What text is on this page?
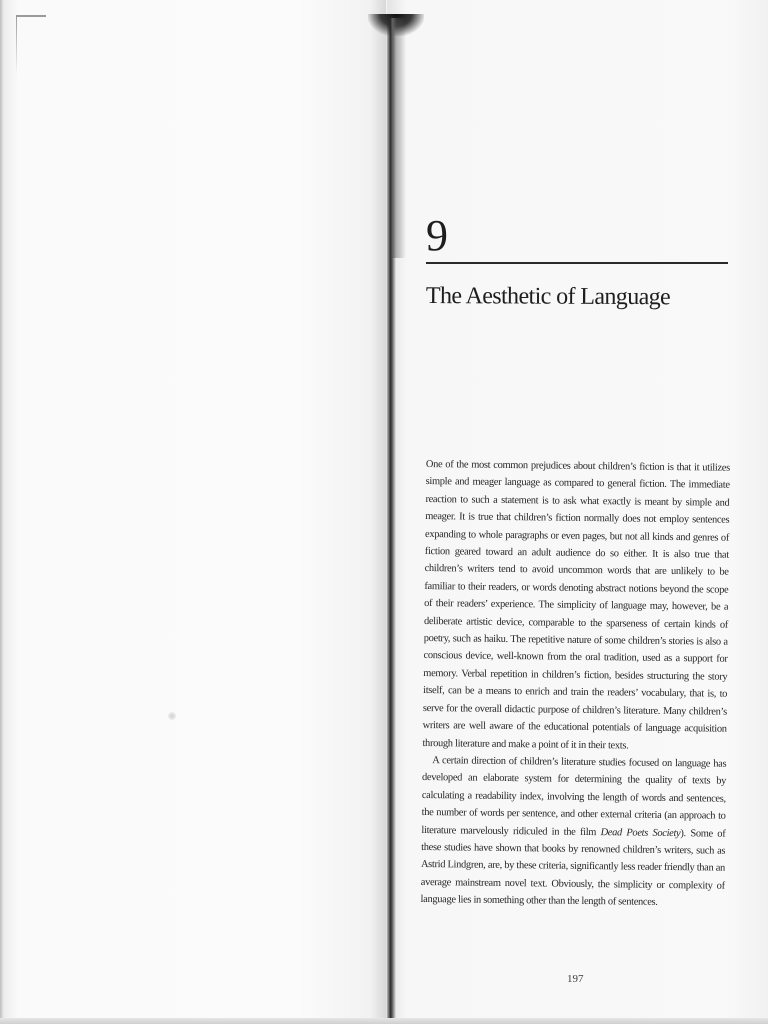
9
The Aesthetic of Language

One of the most common prejudices about children’s fiction is that it utilizes simple and meager language as compared to general fiction. The immediate reaction to such a statement is to ask what exactly is meant by simple and meager. It is true that children’s fiction normally does not employ sentences expanding to whole paragraphs or even pages, but not all kinds and genres of fiction geared toward an adult audience do so either. It is also true that children’s writers tend to avoid uncommon words that are unlikely to be familiar to their readers, or words denoting abstract notions beyond the scope of their readers’ experience. The simplicity of language may, however, be a deliberate artistic device, comparable to the sparseness of certain kinds of poetry, such as haiku. The repetitive nature of some children’s stories is also a conscious device, well-known from the oral tradition, used as a support for memory. Verbal repetition in children’s fiction, besides structuring the story itself, can be a means to enrich and train the readers’ vocabulary, that is, to serve for the overall didactic purpose of children’s literature. Many children’s writers are well aware of the educational potentials of language acquisition through literature and make a point of it in their texts.

A certain direction of children’s literature studies focused on language has developed an elaborate system for determining the quality of texts by calculating a readability index, involving the length of words and sentences, the number of words per sentence, and other external criteria (an approach to literature marvelously ridiculed in the film Dead Poets Society). Some of these studies have shown that books by renowned children’s writers, such as Astrid Lindgren, are, by these criteria, significantly less reader friendly than an average mainstream novel text. Obviously, the simplicity or complexity of language lies in something other than the length of sentences.

197
